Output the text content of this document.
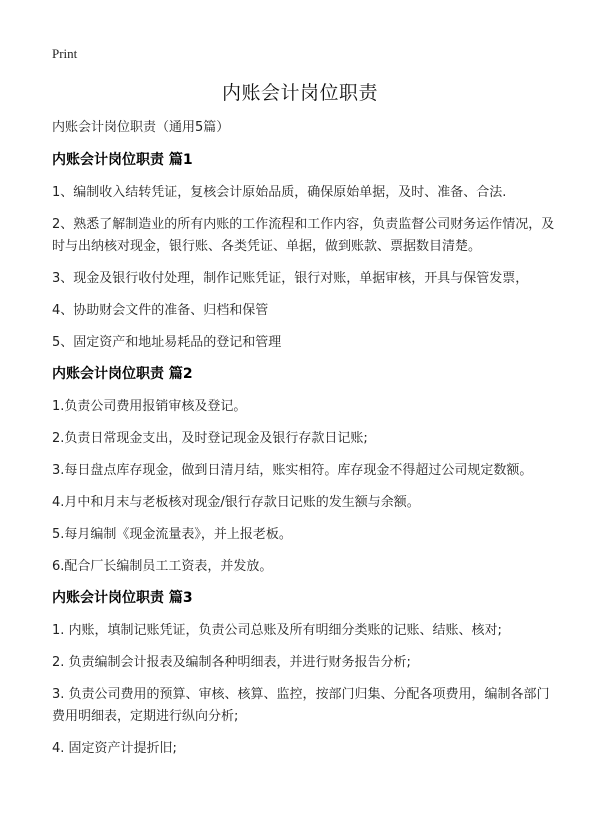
Print
内账会计岗位职责

内账会计岗位职责（通用5篇）

内账会计岗位职责 篇1

1、编制收入结转凭证，复核会计原始品质，确保原始单据，及时、准备、合法.

2、熟悉了解制造业的所有内账的工作流程和工作内容，负责监督公司财务运作情况，及时与出纳核对现金，银行账、各类凭证、单据，做到账款、票据数目清楚。

3、现金及银行收付处理，制作记账凭证，银行对账，单据审核，开具与保管发票，

4、协助财会文件的准备、归档和保管

5、固定资产和地址易耗品的登记和管理

内账会计岗位职责 篇2

1.负责公司费用报销审核及登记。

2.负责日常现金支出，及时登记现金及银行存款日记账;

3.每日盘点库存现金，做到日清月结，账实相符。库存现金不得超过公司规定数额。

4.月中和月末与老板核对现金/银行存款日记账的发生额与余额。

5.每月编制《现金流量表》，并上报老板。

6.配合厂长编制员工工资表，并发放。

内账会计岗位职责 篇3

1. 内账，填制记账凭证，负责公司总账及所有明细分类账的记账、结账、核对;

2. 负责编制会计报表及编制各种明细表，并进行财务报告分析;

3. 负责公司费用的预算、审核、核算、监控，按部门归集、分配各项费用，编制各部门费用明细表，定期进行纵向分析;

4. 固定资产计提折旧;
